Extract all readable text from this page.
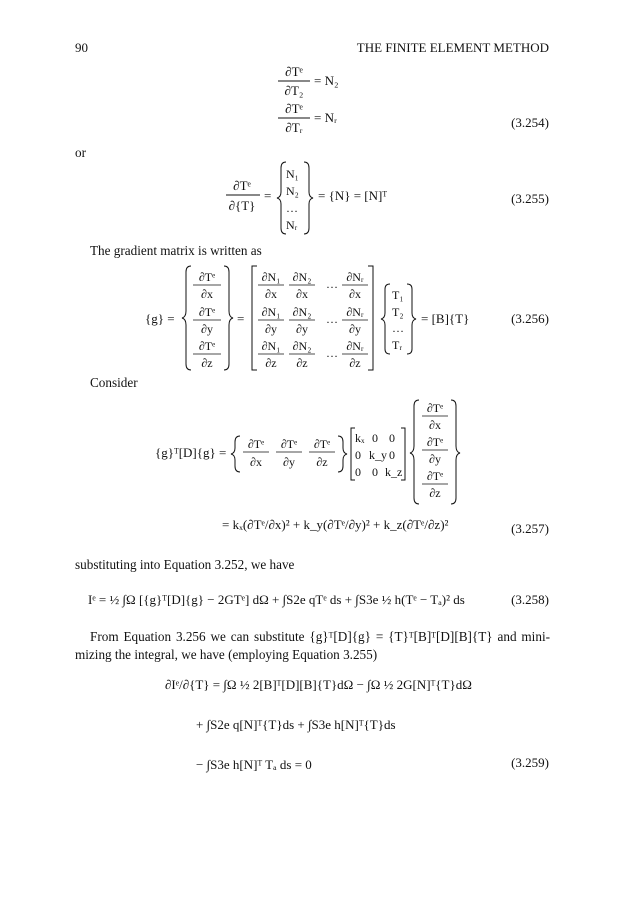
90	THE FINITE ELEMENT METHOD
or
The gradient matrix is written as
Consider
substituting into Equation 3.252, we have
From Equation 3.256 we can substitute {g}ᵀ[D]{g} = {T}ᵀ[B]ᵀ[D][B]{T} and mini-
mizing the integral, we have (employing Equation 3.255)
(3.254)
(3.255)
(3.256)
(3.257)
(3.258)
(3.259)
∂Tᵉ
∂T₂
= N₂
∂Tᵉ
∂Tᵣ
= Nᵣ
∂Tᵉ
∂{T}
=
N₁
N₂
…
Nᵣ
= {N} = [N]ᵀ
{g} =
∂Tᵉ
∂x
∂Tᵉ
∂y
∂Tᵉ
∂z
=
∂N₁
∂x
∂N₂
∂x
… ∂Nᵣ
∂x
∂N₁
∂y
∂N₂
∂y
… ∂Nᵣ
∂y
∂N₁
∂z
∂N₂
∂z
… ∂Nᵣ
∂z
T₁
T₂
…
Tᵣ
= [B]{T}
{g}ᵀ[D]{g} =
∂Tᵉ
∂x
∂Tᵉ
∂y
∂Tᵉ
∂z
kₓ 0 0
0 k_y 0
0 0 k_z
∂Tᵉ
∂x
∂Tᵉ
∂y
∂Tᵉ
∂z
= kₓ(∂Tᵉ/∂x)² + k_y(∂Tᵉ/∂y)² + k_z(∂Tᵉ/∂z)²
Iᵉ = ½ ∫Ω [{g}ᵀ[D]{g} − 2GTᵉ] dΩ + ∫S2e qTᵉ ds + ∫S3e ½ h(Tᵉ − Tₐ)² ds
∂Iᵉ/∂{T} = ∫Ω ½ 2[B]ᵀ[D][B]{T}dΩ − ∫Ω ½ 2G[N]ᵀ{T}dΩ
+ ∫S2e q[N]ᵀ{T}ds + ∫S3e h[N]ᵀ{T}ds
− ∫S3e h[N]ᵀ Tₐ ds = 0
